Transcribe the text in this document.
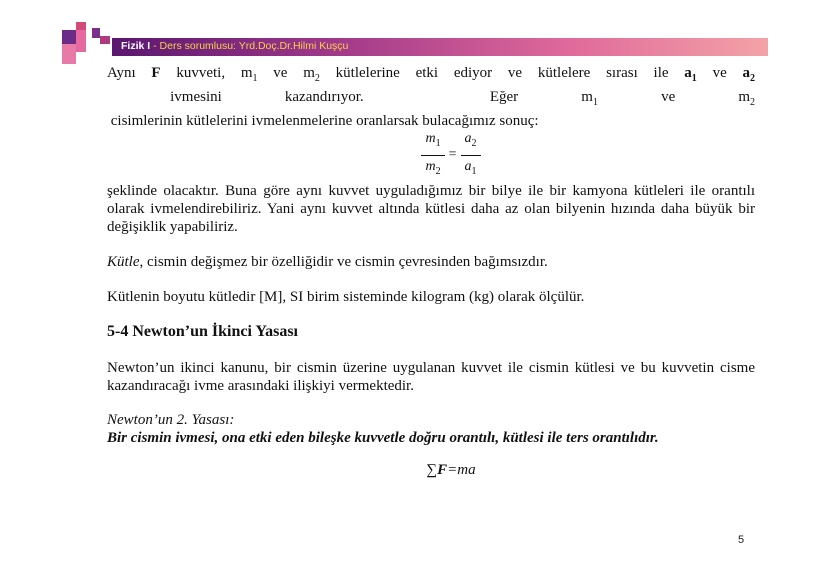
Fizik I - Ders sorumlusu: Yrd.Doç.Dr.Hilmi Kuşçu

Aynı F kuvveti, $m_1$ ve $m_2$ kütlelerine etki ediyor ve kütlelere sırası ile $a_1$ ve $a_2$ ivmesini kazandırıyor.  Eğer $m_1$ ve $m_2$ cisimlerinin kütlelerini ivmelenmelerine oranlarsak bulacağımız sonuç:

$\frac{m_1}{m_2} = \frac{a_2}{a_1}$

şeklinde olacaktır. Buna göre aynı kuvvet uyguladığımız bir bilye ile bir kamyona kütleleri ile orantılı olarak ivmelendirebiliriz. Yani aynı kuvvet altında kütlesi daha az olan bilyenin hızında daha büyük bir değişiklik yapabiliriz.

Kütle, cismin değişmez bir özelliğidir ve cismin çevresinden bağımsızdır.

Kütlenin boyutu kütledir [M], SI birim sisteminde kilogram (kg) olarak ölçülür.

5-4 Newton’un İkinci Yasası

Newton’un ikinci kanunu, bir cismin üzerine uygulanan kuvvet ile cismin kütlesi ve bu kuvvetin cisme kazandıracağı ivme arasındaki ilişkiyi vermektedir.

Newton’un 2. Yasası:

Bir cismin ivmesi, ona etki eden bileşke kuvvetle doğru orantılı, kütlesi ile ters orantılıdır.

∑F=ma
5
